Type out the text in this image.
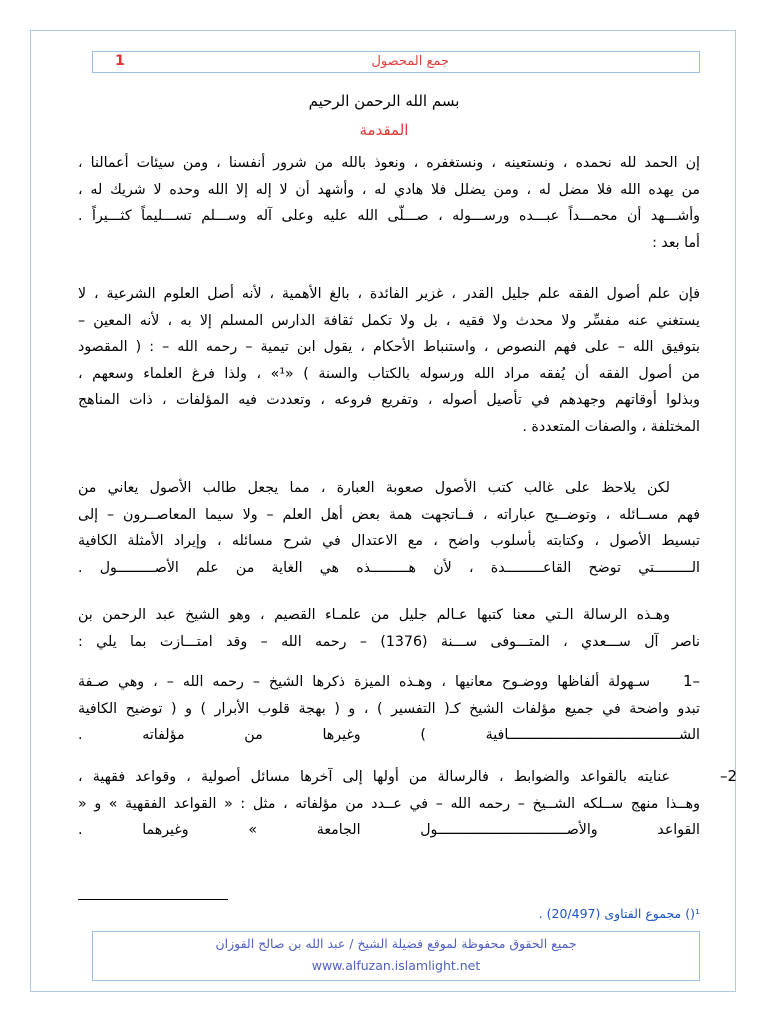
جمع المحصول
1
بسم الله الرحمن الرحيم
المقدمة
إن الحمد لله نحمده ، ونستعينه ، ونستغفره ، ونعوذ بالله من شرور أنفسنا ، ومن سيئات أعمالنا ،
من يهده الله فلا مضل له ، ومن يضلل فلا هادي له ، وأشهد أن لا إله إلا الله وحده لا شريك له ،
وأشـــهد أن محمـــداً عبـــده ورســـوله ، صـــلّى الله عليه وعلى آله وســـلم تســـليماً كثـــيراً .
أما بعد :
فإن علم أصول الفقه علم جليل القدر ، غزير الفائدة ، بالغ الأهمية ، لأنه أصل العلوم الشرعية ، لا
يستغني عنه مفسِّر ولا محدث ولا فقيه ، بل ولا تكمل ثقافة الدارس المسلم إلا به ، لأنه المعين –
بتوفيق الله – على فهم النصوص ، واستنباط الأحكام ، يقول ابن تيمية – رحمه الله – : ( المقصود
من أصول الفقه أن يُفقه مراد الله ورسوله بالكتاب والسنة ) «¹» ، ولذا فرغ العلماء وسعهم ،
وبذلوا أوقاتهم وجهدهم في تأصيل أصوله ، وتفريع فروعه ، وتعددت فيه المؤلفات ، ذات المناهج
المختلفة ، والصفات المتعددة .
لكن يلاحظ على غالب كتب الأصول صعوبة العبارة ، مما يجعل طالب الأصول يعاني من
فهم مســائله ، وتوضــيح عباراته ، فــاتجهت همة بعض أهل العلم – ولا سيما المعاصــرون – إلى
تبسيط الأصول ، وكتابته بأسلوب واضح ، مع الاعتدال في شرح مسائله ، وإيراد الأمثلة الكافية
الـــــــــتي توضح القاعـــــــــدة ، لأن هـــــــــذه هي الغاية من علم الأصـــــــــول .
وهـذه الرسالة الـتي معنا كتبها عـالم جليل من علمـاء القصيم ، وهو الشيخ عبد الرحمن بن
ناصر آل ســـعدي ، المتـــوفى ســـنة (1376) – رحمه الله – وقد امتـــازت بما يلي :
1–
سـهولة ألفاظها ووضـوح معانيها ، وهـذه الميزة ذكرها الشيخ – رحمه الله – ، وهي صـفة
تبدو واضحة في جميع مؤلفات الشيخ كـ( التفسير ) ، و ( بهجة قلوب الأبرار ) و ( توضيح الكافية
الشـــــــــــــــــــــــــــــــــــــــــافية ) وغيرها من مؤلفاته .
–2
عنايته بالقواعد والضوابط ، فالرسالة من أولها إلى آخرها مسائل أصولية ، وقواعد فقهية ،
وهــذا منهج ســلكه الشــيخ – رحمه الله – في عــدد من مؤلفاته ، مثل : « القواعد الفقهية » و «
القواعد والأصـــــــــــــــــــــــــــــــول الجامعة » وغيرهما .
¹() مجموع الفتاوى (20/497) .
جميع الحقوق محفوظة لموقع فضيلة الشيخ / عبد الله بن صالح الفوزان
www.alfuzan.islamlight.net
